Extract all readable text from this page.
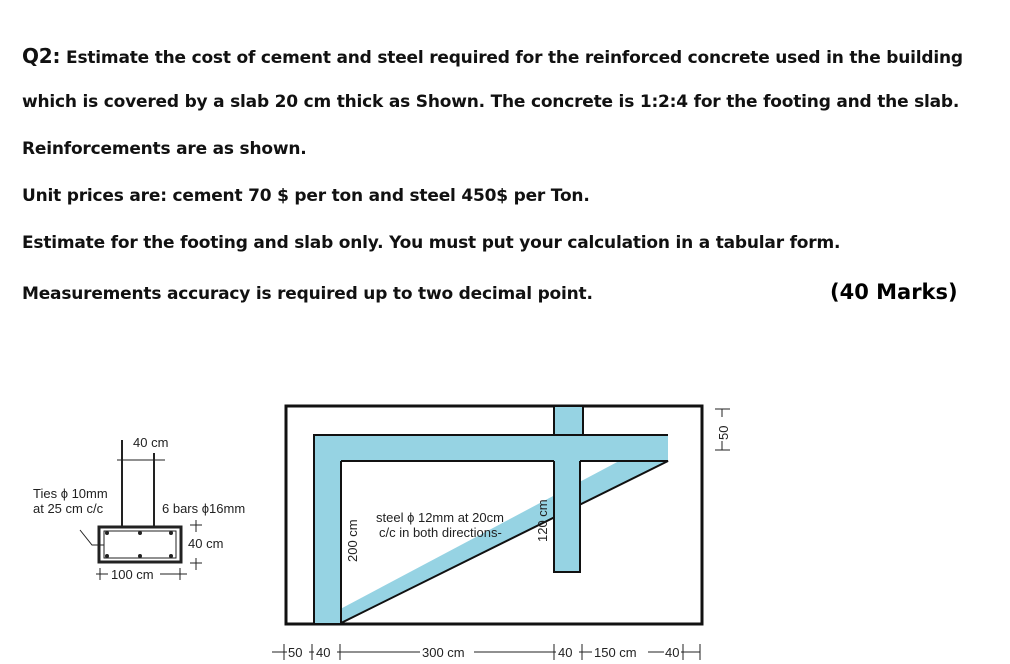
Q2: Estimate the cost of cement and steel required for the reinforced concrete used in the building
which is covered by a slab 20 cm thick as Shown. The concrete is 1:2:4 for the footing and the slab.
Reinforcements are as shown.
Unit prices are: cement 70 $ per ton and steel 450$ per Ton.
Estimate for the footing and slab only. You must put your calculation in a tabular form.
Measurements accuracy is required up to two decimal point.	(40 Marks)
40 cm
Ties ϕ 10mm
at 25 cm c/c	6 bars ϕ16mm
40 cm
100 cm
steel ϕ 12mm at 20cm
c/c in both directions-
200 cm	120 cm
50
50 40	300 cm	40 150 cm 40
